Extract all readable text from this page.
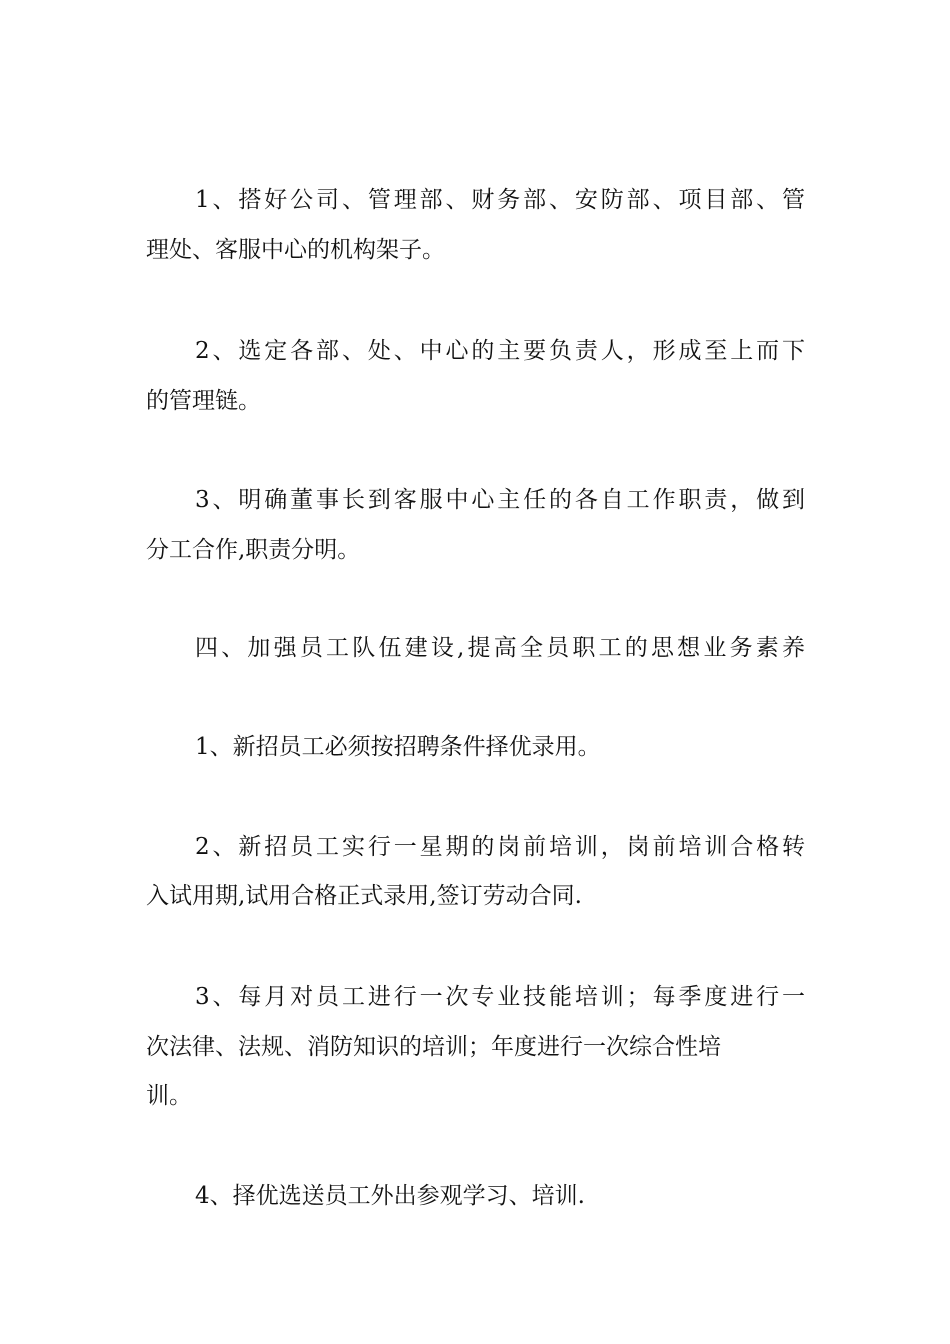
1、搭好公司、管理部、财务部、安防部、项目部、管
理处、客服中心的机构架子。
2、选定各部、处、中心的主要负责人，形成至上而下
的管理链。
3、明确董事长到客服中心主任的各自工作职责，做到
分工合作,职责分明。
四、加强员工队伍建设,提高全员职工的思想业务素养
1、新招员工必须按招聘条件择优录用。
2、新招员工实行一星期的岗前培训，岗前培训合格转
入试用期,试用合格正式录用,签订劳动合同.
3、每月对员工进行一次专业技能培训；每季度进行一
次法律、法规、消防知识的培训；年度进行一次综合性培
训。
4、择优选送员工外出参观学习、培训.
